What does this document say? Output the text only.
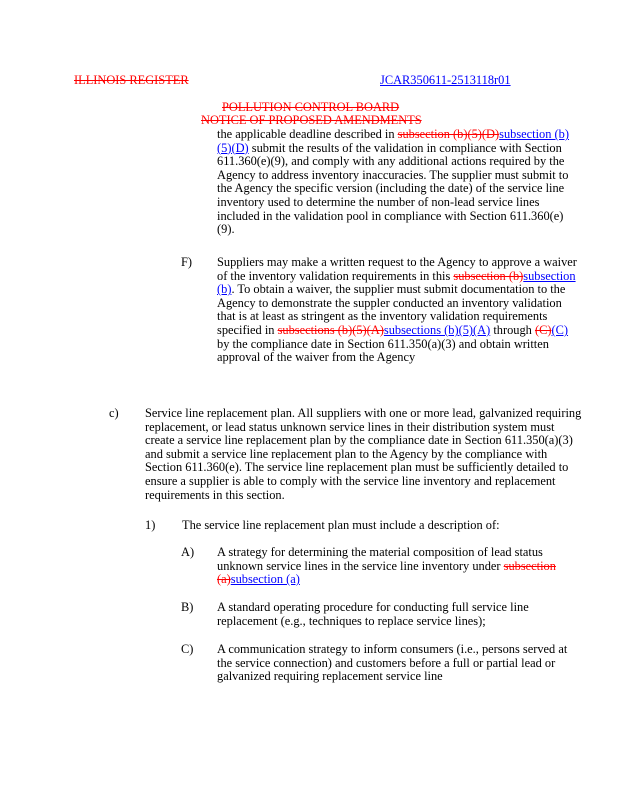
ILLINOIS REGISTER	JCAR350611-2513118r01
POLLUTION CONTROL BOARD
NOTICE OF PROPOSED AMENDMENTS
the applicable deadline described in subsection (b)(5)(D)subsection (b)(5)(D) submit the results of the validation in compliance with Section 611.360(e)(9), and comply with any additional actions required by the Agency to address inventory inaccuracies. The supplier must submit to the Agency the specific version (including the date) of the service line inventory used to determine the number of non-lead service lines included in the validation pool in compliance with Section 611.360(e)(9).
F) Suppliers may make a written request to the Agency to approve a waiver of the inventory validation requirements in this subsection (b)subsection (b). To obtain a waiver, the supplier must submit documentation to the Agency to demonstrate the suppler conducted an inventory validation that is at least as stringent as the inventory validation requirements specified in subsections (b)(5)(A)subsections (b)(5)(A) through (C)(C) by the compliance date in Section 611.350(a)(3) and obtain written approval of the waiver from the Agency
c) Service line replacement plan. All suppliers with one or more lead, galvanized requiring replacement, or lead status unknown service lines in their distribution system must create a service line replacement plan by the compliance date in Section 611.350(a)(3) and submit a service line replacement plan to the Agency by the compliance with Section 611.360(e). The service line replacement plan must be sufficiently detailed to ensure a supplier is able to comply with the service line inventory and replacement requirements in this section.
1) The service line replacement plan must include a description of:
A) A strategy for determining the material composition of lead status unknown service lines in the service line inventory under subsection (a)subsection (a)
B) A standard operating procedure for conducting full service line replacement (e.g., techniques to replace service lines);
C) A communication strategy to inform consumers (i.e., persons served at the service connection) and customers before a full or partial lead or galvanized requiring replacement service line
